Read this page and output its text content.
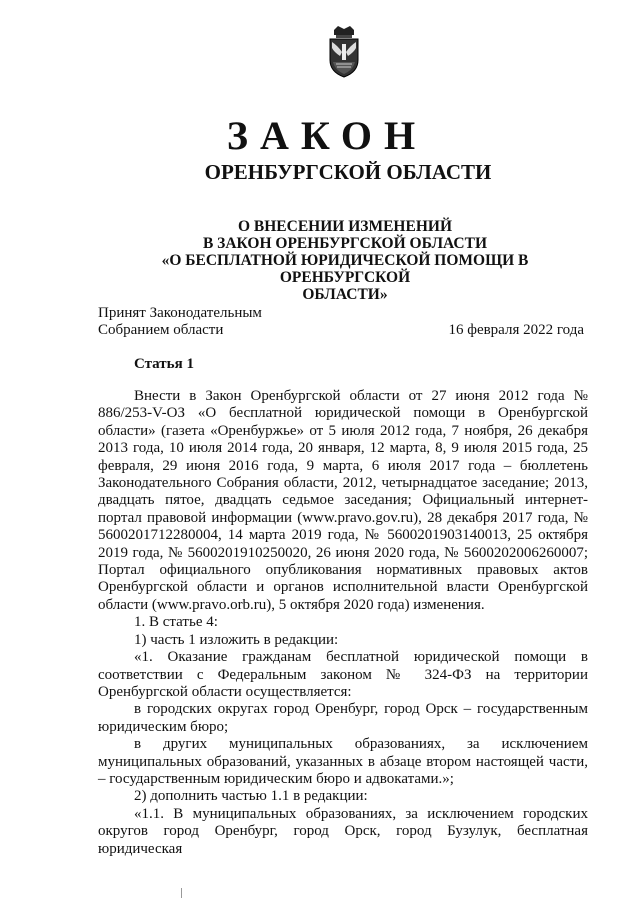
ЗАКОН
ОРЕНБУРГСКОЙ ОБЛАСТИ
О ВНЕСЕНИИ ИЗМЕНЕНИЙ
В ЗАКОН ОРЕНБУРГСКОЙ ОБЛАСТИ
«О БЕСПЛАТНОЙ ЮРИДИЧЕСКОЙ ПОМОЩИ В ОРЕНБУРГСКОЙ
ОБЛАСТИ»
Принят Законодательным
Собранием области	16 февраля 2022 года
Статья 1

Внести в Закон Оренбургской области от 27 июня 2012 года № 886/253-V-ОЗ «О бесплатной юридической помощи в Оренбургской области» (газета «Оренбуржье» от 5 июля 2012 года, 7 ноября, 26 декабря 2013 года, 10 июля 2014 года, 20 января, 12 марта, 8, 9 июля 2015 года, 25 февраля, 29 июня 2016 года, 9 марта, 6 июля 2017 года – бюллетень Законодательного Собрания области, 2012, четырнадцатое заседание; 2013, двадцать пятое, двадцать седьмое заседания; Официальный интернет-портал правовой информации (www.pravo.gov.ru), 28 декабря 2017 года, № 5600201712280004, 14 марта 2019 года, № 5600201903140013, 25 октября 2019 года, № 5600201910250020, 26 июня 2020 года, № 5600202006260007; Портал официального опубликования нормативных правовых актов Оренбургской области и органов исполнительной власти Оренбургской области (www.pravo.orb.ru), 5 октября 2020 года) изменения.

1. В статье 4:

1) часть 1 изложить в редакции:

«1. Оказание гражданам бесплатной юридической помощи в соответствии с Федеральным законом № 324-ФЗ на территории Оренбургской области осуществляется:

в городских округах город Оренбург, город Орск – государственным юридическим бюро;

в других муниципальных образованиях, за исключением муниципальных образований, указанных в абзаце втором настоящей части, – государственным юридическим бюро и адвокатами.»;

2) дополнить частью 1.1 в редакции:

«1.1. В муниципальных образованиях, за исключением городских округов город Оренбург, город Орск, город Бузулук, бесплатная юридическая
